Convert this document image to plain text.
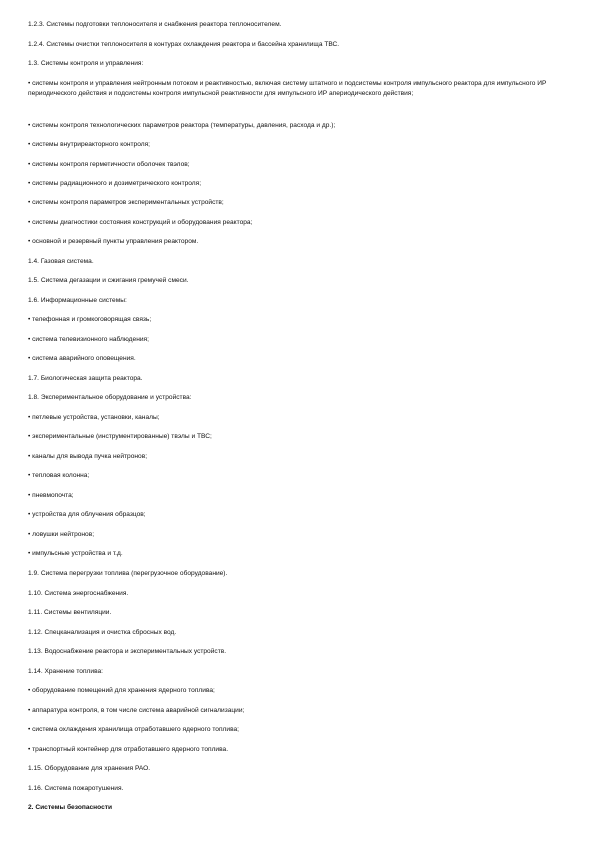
1.2.3. Системы подготовки теплоносителя и снабжения реактора теплоносителем.
1.2.4. Системы очистки теплоносителя в контурах охлаждения реактора и бассейна хранилища ТВС.
1.3. Системы контроля и управления:
• системы контроля и управления нейтронным потоком и реактивностью, включая систему штатного и подсистемы контроля импульсного реактора для импульсного ИР периодического действия и подсистемы контроля импульсной реактивности для импульсного ИР апериодического действия;
• системы контроля технологических параметров реактора (температуры, давления, расхода и др.);
• системы внутриреакторного контроля;
• системы контроля герметичности оболочек твэлов;
• системы радиационного и дозиметрического контроля;
• системы контроля параметров экспериментальных устройств;
• системы диагностики состояния конструкций и оборудования реактора;
• основной и резервный пункты управления реактором.
1.4. Газовая система.
1.5. Система дегазации и сжигания гремучей смеси.
1.6. Информационные системы:
• телефонная и громкоговорящая связь;
• система телевизионного наблюдения;
• система аварийного оповещения.
1.7. Биологическая защита реактора.
1.8. Экспериментальное оборудование и устройства:
• петлевые устройства, установки, каналы;
• экспериментальные (инструментированные) твэлы и ТВС;
• каналы для вывода пучка нейтронов;
• тепловая колонна;
• пневмопочта;
• устройства для облучения образцов;
• ловушки нейтронов;
• импульсные устройства и т.д.
1.9. Система перегрузки топлива (перегрузочное оборудование).
1.10. Система энергоснабжения.
1.11. Системы вентиляции.
1.12. Спецканализация и очистка сбросных вод.
1.13. Водоснабжение реактора и экспериментальных устройств.
1.14. Хранение топлива:
• оборудование помещений для хранения ядерного топлива;
• аппаратура контроля, в том числе система аварийной сигнализации;
• система охлаждения хранилища отработавшего ядерного топлива;
• транспортный контейнер для отработавшего ядерного топлива.
1.15. Оборудование для хранения РАО.
1.16. Система пожаротушения.
2. Системы безопасности
